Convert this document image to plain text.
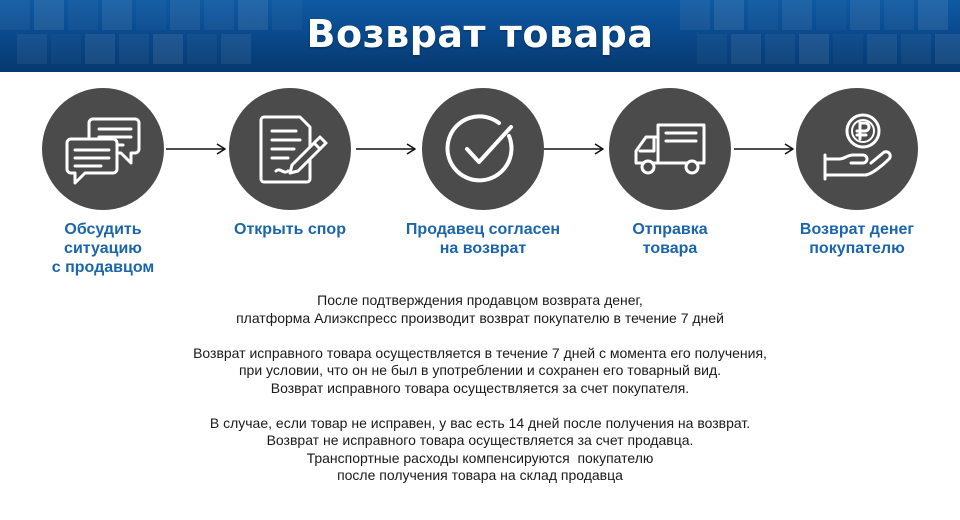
Возврат товара
Обсудить
ситуацию
с продавцом
Открыть спор	Продавец согласен
на возврат
Отправка
товара
Возврат денег
покупателю
После подтверждения продавцом возврата денег,
платформа Алиэкспресс производит возврат покупателю в течение 7 дней
Возврат исправного товара осуществляется в течение 7 дней с момента его получения,
при условии, что он не был в употреблении и сохранен его товарный вид.
Возврат исправного товара осуществляется за счет покупателя.
В случае, если товар не исправен, у вас есть 14 дней после получения на возврат.
Возврат не исправного товара осуществляется за счет продавца.
Транспортные расходы компенсируются  покупателю
после получения товара на склад продавца
